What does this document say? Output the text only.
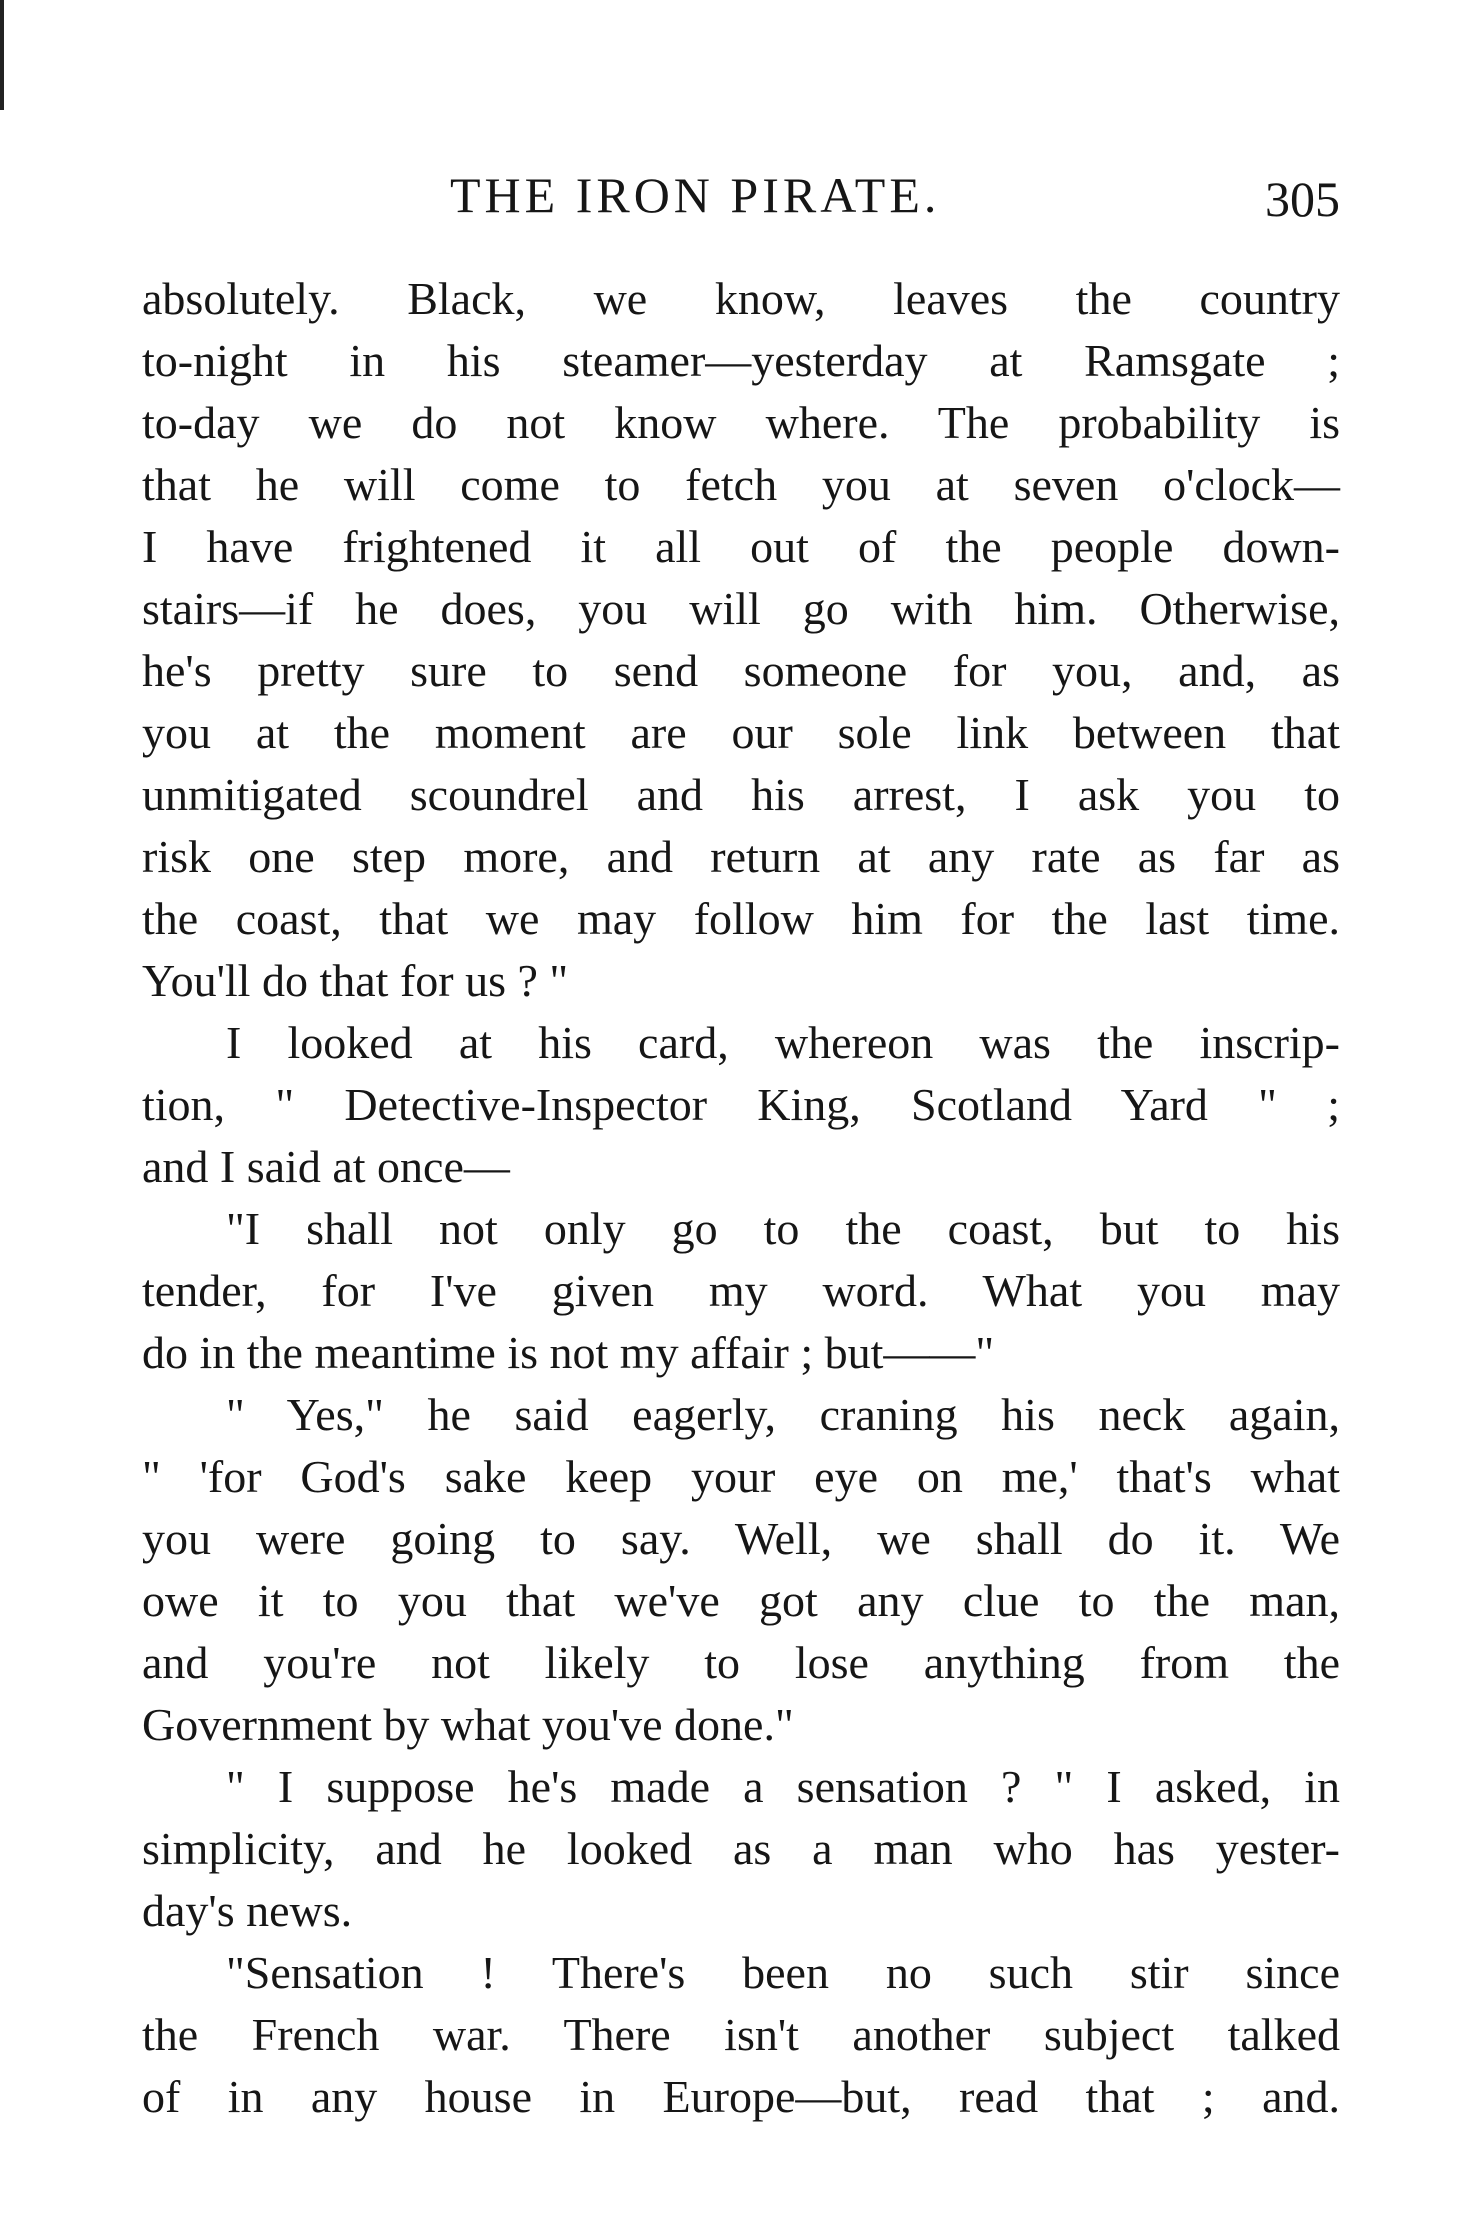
THE IRON PIRATE.	305
absolutely. Black, we know, leaves the country
to-night in his steamer—yesterday at Ramsgate ;
to-day we do not know where. The probability is
that he will come to fetch you at seven o'clock—
I have frightened it all out of the people down-
stairs—if he does, you will go with him. Otherwise,
he's pretty sure to send someone for you, and, as
you at the moment are our sole link between that
unmitigated scoundrel and his arrest, I ask you to
risk one step more, and return at any rate as far as
the coast, that we may follow him for the last time.
You'll do that for us ? "
I looked at his card, whereon was the inscrip-
tion, " Detective-Inspector King, Scotland Yard " ;
and I said at once—
"I shall not only go to the coast, but to his
tender, for I've given my word. What you may
do in the meantime is not my affair ; but——"
" Yes," he said eagerly, craning his neck again,
" 'for God's sake keep your eye on me,' that's what
you were going to say. Well, we shall do it. We
owe it to you that we've got any clue to the man,
and you're not likely to lose anything from the
Government by what you've done."
" I suppose he's made a sensation ? " I asked, in
simplicity, and he looked as a man who has yester-
day's news.
"Sensation ! There's been no such stir since
the French war. There isn't another subject talked
of in any house in Europe—but, read that ; and.
